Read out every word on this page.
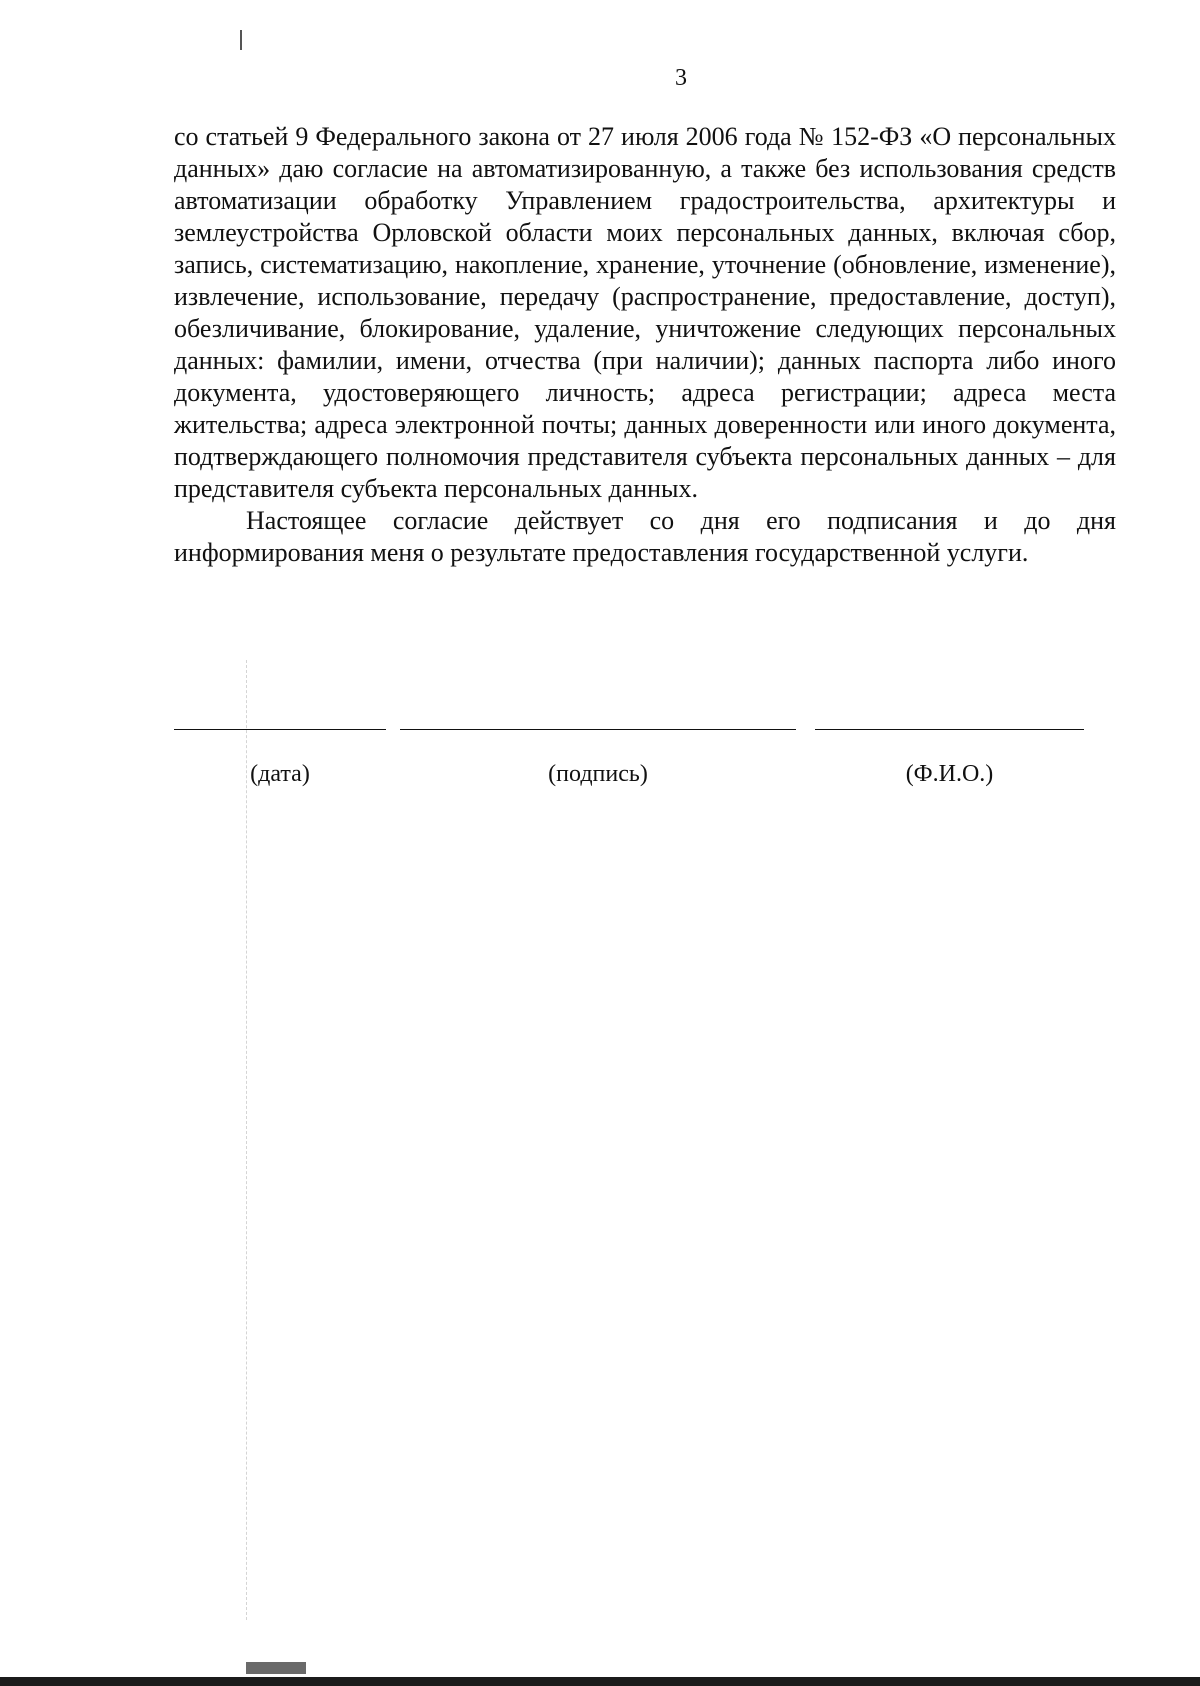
3

со статьей 9 Федерального закона от 27 июля 2006 года № 152-ФЗ «О персональных данных» даю согласие на автоматизированную, а также без использования средств автоматизации обработку Управлением градостроительства, архитектуры и землеустройства Орловской области моих персональных данных, включая сбор, запись, систематизацию, накопление, хранение, уточнение (обновление, изменение), извлечение, использование, передачу (распространение, предоставление, доступ), обезличивание, блокирование, удаление, уничтожение следующих персональных данных: фамилии, имени, отчества (при наличии); данных паспорта либо иного документа, удостоверяющего личность; адреса регистрации; адреса места жительства; адреса электронной почты; данных доверенности или иного документа, подтверждающего полномочия представителя субъекта персональных данных – для представителя субъекта персональных данных.

Настоящее согласие действует со дня его подписания и до дня информирования меня о результате предоставления государственной услуги.

(дата)	(подпись)	(Ф.И.О.)
